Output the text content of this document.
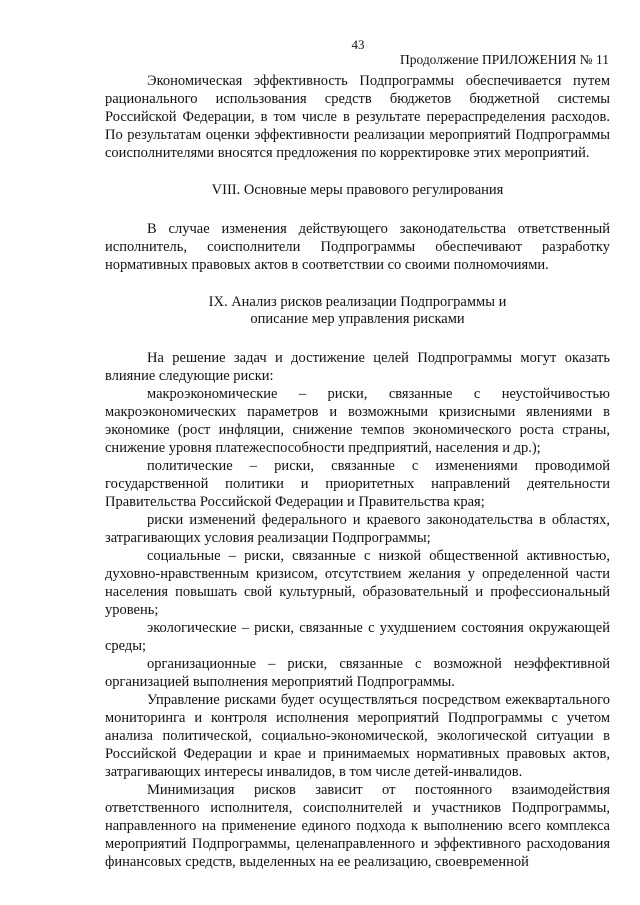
43
Продолжение ПРИЛОЖЕНИЯ № 11

Экономическая эффективность Подпрограммы обеспечивается путем рационального использования средств бюджетов бюджетной системы Российской Федерации, в том числе в результате перераспределения расходов. По результатам оценки эффективности реализации мероприятий Подпрограммы соисполнителями вносятся предложения по корректировке этих мероприятий.

VIII. Основные меры правового регулирования

В случае изменения действующего законодательства ответственный исполнитель, соисполнители Подпрограммы обеспечивают разработку нормативных правовых актов в соответствии со своими полномочиями.

IX. Анализ рисков реализации Подпрограммы и
описание мер управления рисками

На решение задач и достижение целей Подпрограммы могут оказать влияние следующие риски:

макроэкономические – риски, связанные с неустойчивостью макроэкономических параметров и возможными кризисными явлениями в экономике (рост инфляции, снижение темпов экономического роста страны, снижение уровня платежеспособности предприятий, населения и др.);

политические – риски, связанные с изменениями проводимой государственной политики и приоритетных направлений деятельности Правительства Российской Федерации и Правительства края;

риски изменений федерального и краевого законодательства в областях, затрагивающих условия реализации Подпрограммы;

социальные – риски, связанные с низкой общественной активностью, духовно-нравственным кризисом, отсутствием желания у определенной части населения повышать свой культурный, образовательный и профессиональный уровень;

экологические – риски, связанные с ухудшением состояния окружающей среды;

организационные – риски, связанные с возможной неэффективной организацией выполнения мероприятий Подпрограммы.

Управление рисками будет осуществляться посредством ежеквартального мониторинга и контроля исполнения мероприятий Подпрограммы с учетом анализа политической, социально-экономической, экологической ситуации в Российской Федерации и крае и принимаемых нормативных правовых актов, затрагивающих интересы инвалидов, в том числе детей-инвалидов.

Минимизация рисков зависит от постоянного взаимодействия ответственного исполнителя, соисполнителей и участников Подпрограммы, направленного на применение единого подхода к выполнению всего комплекса мероприятий Подпрограммы, целенаправленного и эффективного расходования финансовых средств, выделенных на ее реализацию, своевременной
